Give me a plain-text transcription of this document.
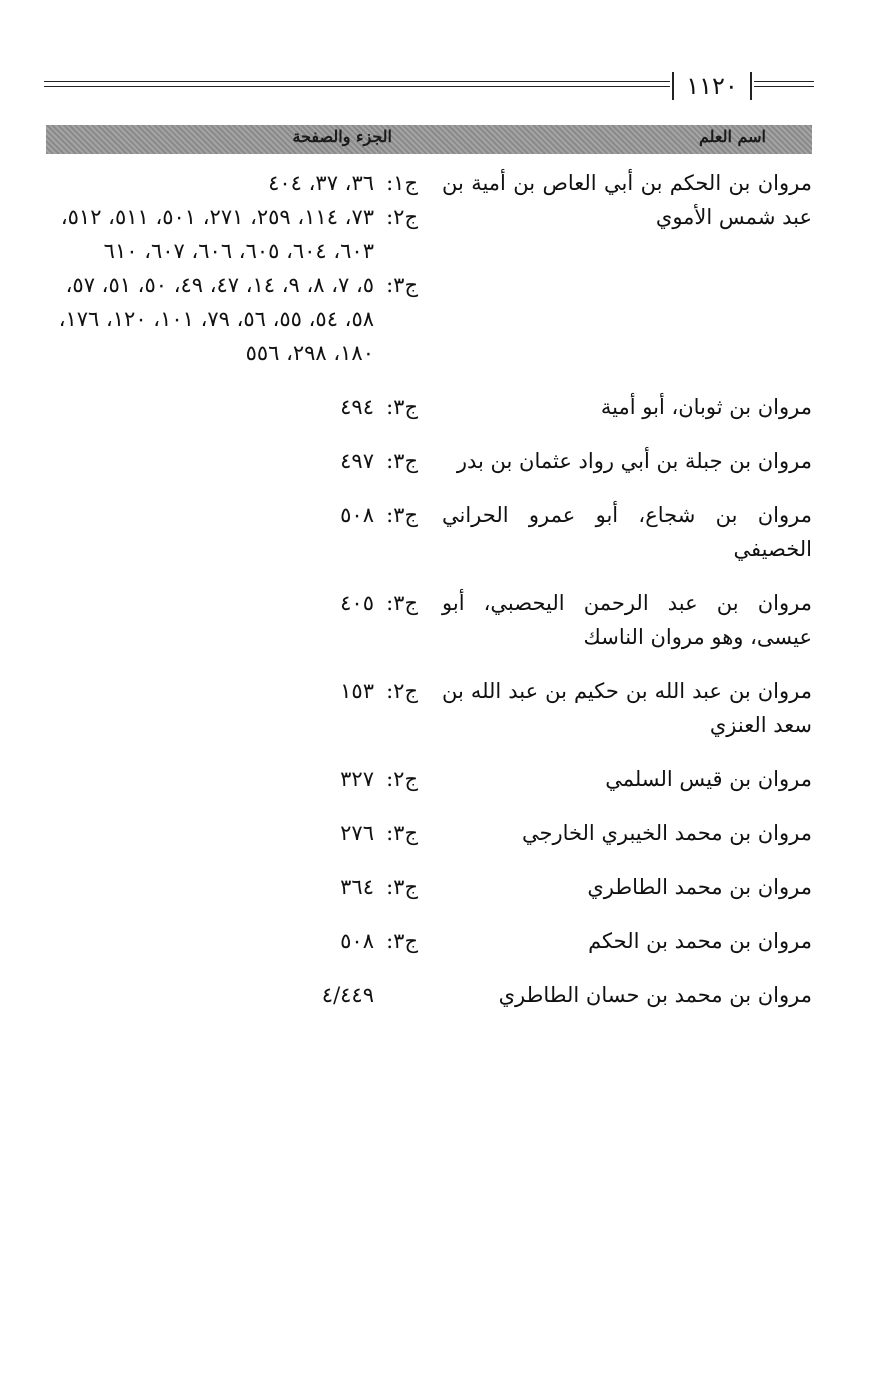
١١٢٠
اسم العلم
الجزء والصفحة
مروان بن الحكم بن أبي العاص بن أمية بن عبد شمس الأموي
ج١:
٣٦، ٣٧، ٤٠٤
ج٢:
٧٣، ١١٤، ٢٥٩، ٢٧١، ٥٠١، ٥١١، ٥١٢، ٦٠٣، ٦٠٤، ٦٠٥، ٦٠٦، ٦٠٧، ٦١٠
ج٣:
٥، ٧، ٨، ٩، ١٤، ٤٧، ٤٩، ٥٠، ٥١، ٥٧، ٥٨، ٥٤، ٥٥، ٥٦، ٧٩، ١٠١، ١٢٠، ١٧٦، ١٨٠، ٢٩٨، ٥٥٦
مروان بن ثوبان، أبو أمية
ج٣:
٤٩٤
مروان بن جبلة بن أبي رواد عثمان بن بدر
ج٣:
٤٩٧
مروان بن شجاع، أبو عمرو الحراني الخصيفي
ج٣:
٥٠٨
مروان بن عبد الرحمن اليحصبي، أبو عيسى، وهو مروان الناسك
ج٣:
٤٠٥
مروان بن عبد الله بن حكيم بن عبد الله بن سعد العنزي
ج٢:
١٥٣
مروان بن قيس السلمي
ج٢:
٣٢٧
مروان بن محمد الخيبري الخارجي
ج٣:
٢٧٦
مروان بن محمد الطاطري
ج٣:
٣٦٤
مروان بن محمد بن الحكم
ج٣:
٥٠٨
مروان بن محمد بن حسان الطاطري
٤/٤٤٩
